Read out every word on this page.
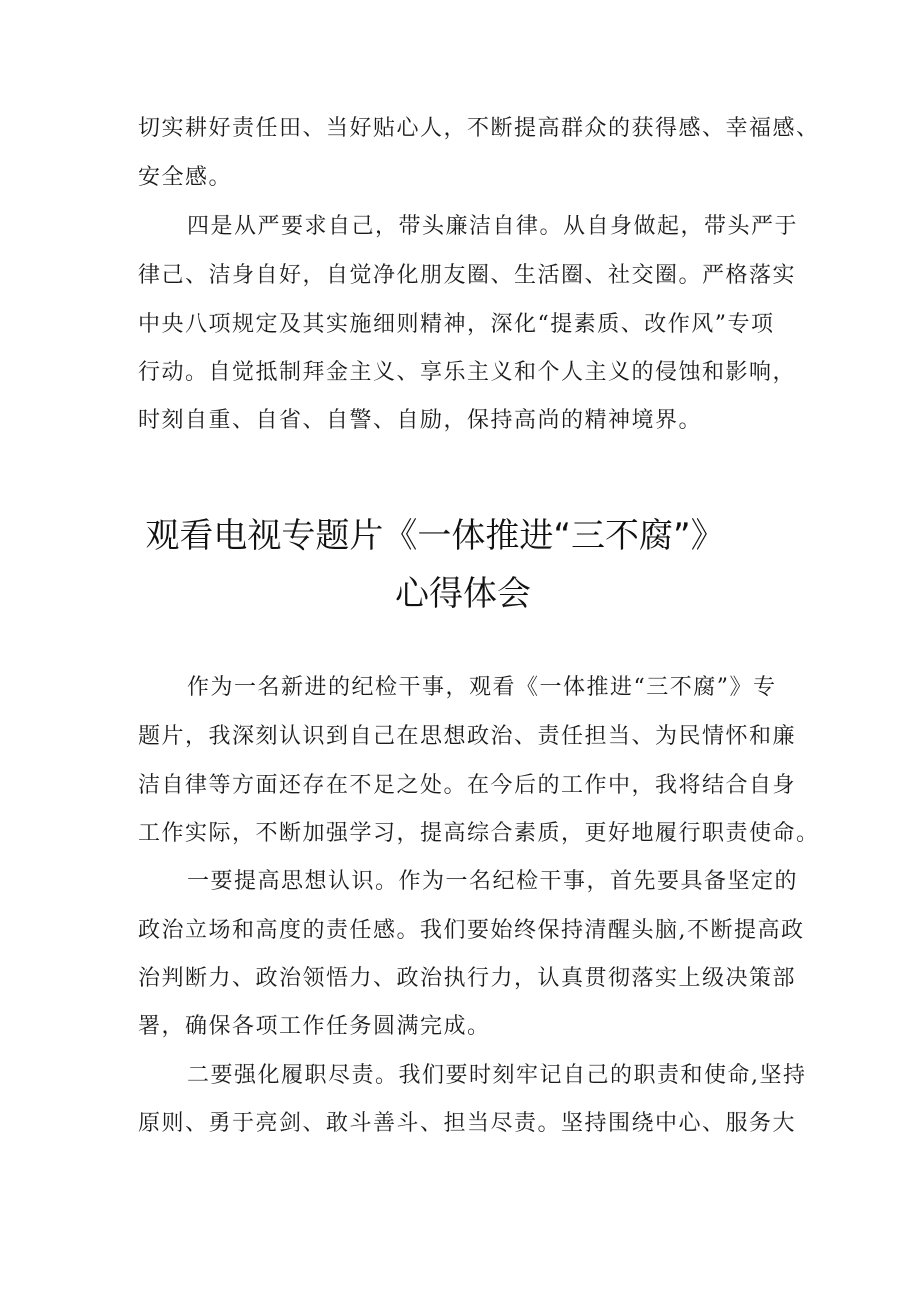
切实耕好责任田、当好贴心人，不断提高群众的获得感、幸福感、
安全感。
四是从严要求自己，带头廉洁自律。从自身做起，带头严于
律己、洁身自好，自觉净化朋友圈、生活圈、社交圈。严格落实
中央八项规定及其实施细则精神，深化“提素质、改作风”专项
行动。自觉抵制拜金主义、享乐主义和个人主义的侵蚀和影响，
时刻自重、自省、自警、自励，保持高尚的精神境界。
观看电视专题片《一体推进“三不腐”》
心得体会
作为一名新进的纪检干事，观看《一体推进“三不腐”》专
题片，我深刻认识到自己在思想政治、责任担当、为民情怀和廉
洁自律等方面还存在不足之处。在今后的工作中，我将结合自身
工作实际，不断加强学习，提高综合素质，更好地履行职责使命。
一要提高思想认识。作为一名纪检干事，首先要具备坚定的
政治立场和高度的责任感。我们要始终保持清醒头脑,不断提高政
治判断力、政治领悟力、政治执行力，认真贯彻落实上级决策部
署，确保各项工作任务圆满完成。
二要强化履职尽责。我们要时刻牢记自己的职责和使命,坚持
原则、勇于亮剑、敢斗善斗、担当尽责。坚持围绕中心、服务大
